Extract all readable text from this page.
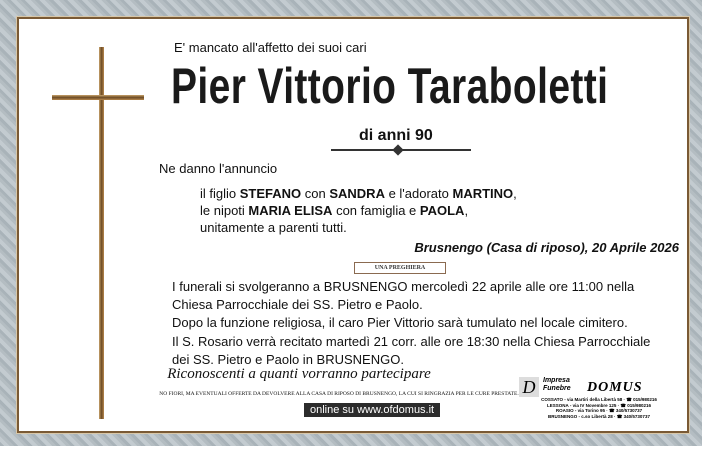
E' mancato all'affetto dei suoi cari
Pier Vittorio Taraboletti
di anni 90
Ne danno l'annuncio
il figlio STEFANO con SANDRA e l'adorato MARTINO,
le nipoti MARIA ELISA con famiglia e PAOLA,
unitamente a parenti tutti.
Brusnengo (Casa di riposo), 20 Aprile 2026
UNA PREGHIERA
I funerali si svolgeranno a BRUSNENGO mercoledì 22 aprile alle ore 11:00 nella
Chiesa Parrocchiale dei SS. Pietro e Paolo.
Dopo la funzione religiosa, il caro Pier Vittorio sarà tumulato nel locale cimitero.
Il S. Rosario verrà recitato martedì 21 corr. alle ore 18:30 nella Chiesa Parrocchiale
dei SS. Pietro e Paolo in BRUSNENGO.
Riconoscenti a quanti vorranno partecipare
NO FIORI, MA EVENTUALI OFFERTE DA DEVOLVERE ALLA CASA DI RIPOSO DI BRUSNENGO, LA CUI SI RINGRAZIA PER LE CURE PRESTATE.
online su www.ofdomus.it
D	Impresa
Funebre DOMUS
COSSATO - via Martiri della Libertà 58 · ☎ 015/980216
LESSONA - via IV Novembre 125 · ☎ 015/980216
ROASIO - via Torino 95 · ☎ 340/5730737
BRUSNENGO - c.so Libertà 28 · ☎ 340/5730737
